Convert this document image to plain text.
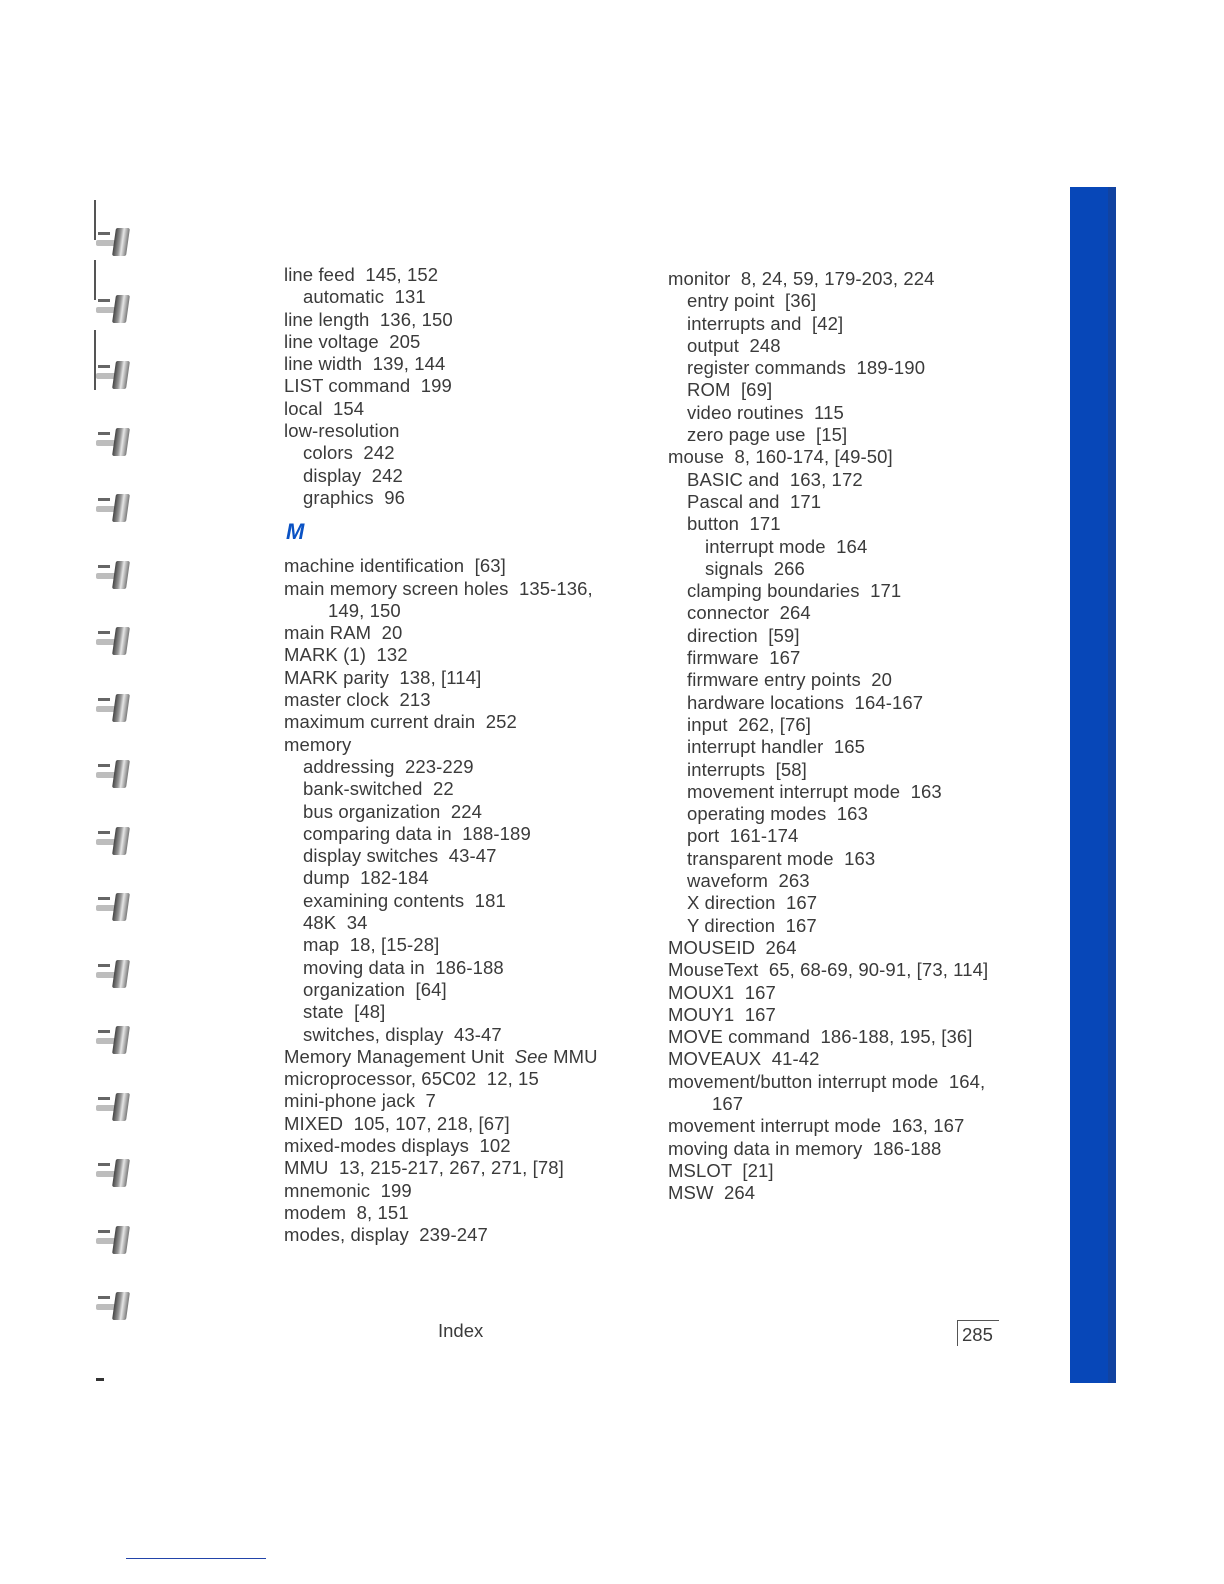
line feed  145, 152
automatic  131
line length  136, 150
line voltage  205
line width  139, 144
LIST command  199
local  154
low-resolution
colors  242
display  242
graphics  96
M
machine identification  [63]
main memory screen holes  135-136,
149, 150
main RAM  20
MARK (1)  132
MARK parity  138, [114]
master clock  213
maximum current drain  252
memory
addressing  223-229
bank-switched  22
bus organization  224
comparing data in  188-189
display switches  43-47
dump  182-184
examining contents  181
48K  34
map  18, [15-28]
moving data in  186-188
organization  [64]
state  [48]
switches, display  43-47
Memory Management Unit  See MMU
microprocessor, 65C02  12, 15
mini-phone jack  7
MIXED  105, 107, 218, [67]
mixed-modes displays  102
MMU  13, 215-217, 267, 271, [78]
mnemonic  199
modem  8, 151
modes, display  239-247
monitor  8, 24, 59, 179-203, 224
entry point  [36]
interrupts and  [42]
output  248
register commands  189-190
ROM  [69]
video routines  115
zero page use  [15]
mouse  8, 160-174, [49-50]
BASIC and  163, 172
Pascal and  171
button  171
interrupt mode  164
signals  266
clamping boundaries  171
connector  264
direction  [59]
firmware  167
firmware entry points  20
hardware locations  164-167
input  262, [76]
interrupt handler  165
interrupts  [58]
movement interrupt mode  163
operating modes  163
port  161-174
transparent mode  163
waveform  263
X direction  167
Y direction  167
MOUSEID  264
MouseText  65, 68-69, 90-91, [73, 114]
MOUX1  167
MOUY1  167
MOVE command  186-188, 195, [36]
MOVEAUX  41-42
movement/button interrupt mode  164,
167
movement interrupt mode  163, 167
moving data in memory  186-188
MSLOT  [21]
MSW  264
Index	285
